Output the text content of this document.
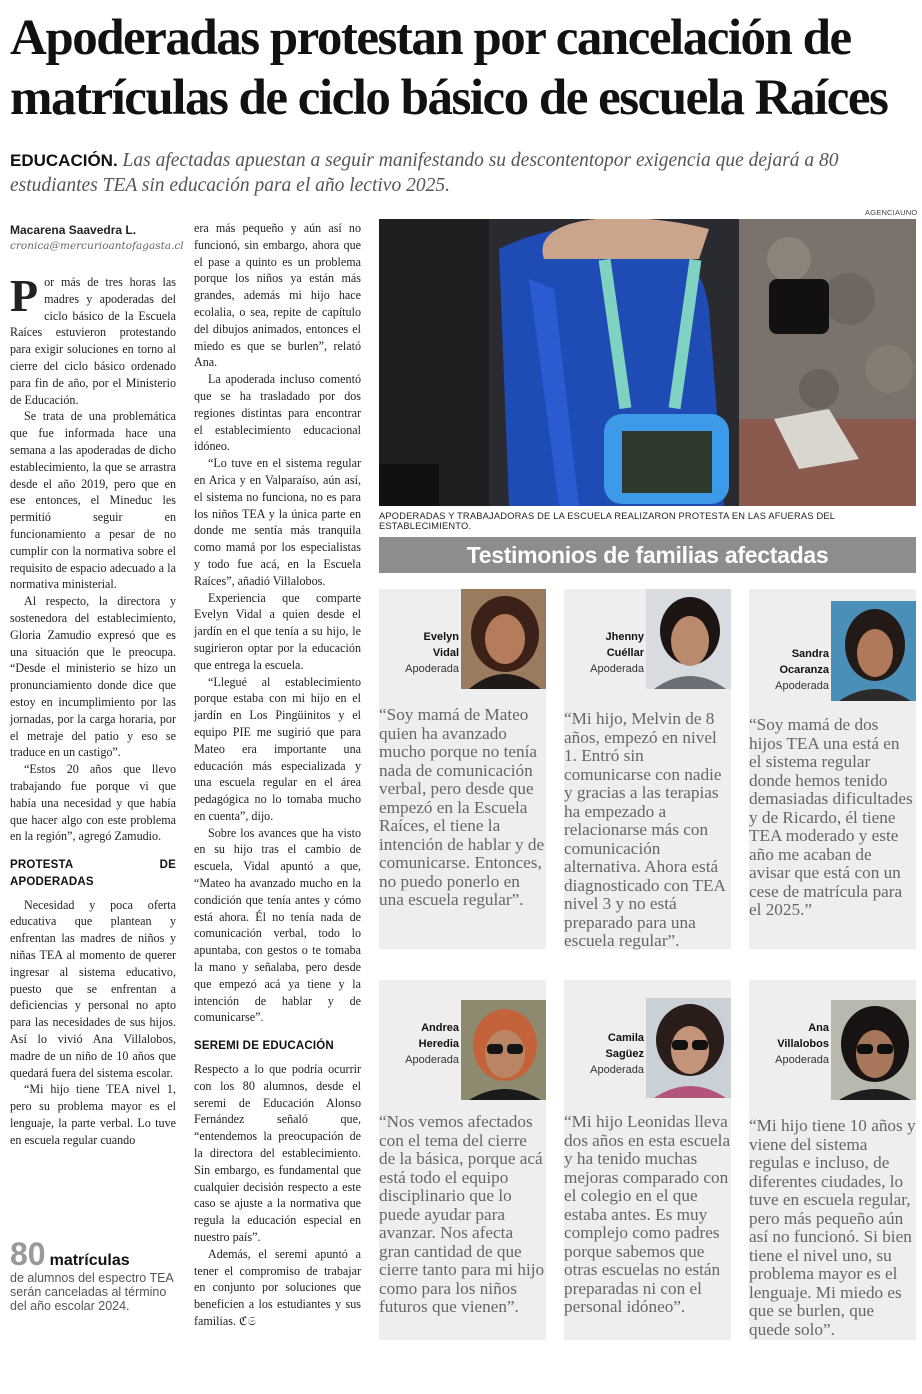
Apoderadas protestan por cancelación de matrículas de ciclo básico de escuela Raíces

EDUCACIÓN. Las afectadas apuestan a seguir manifestando su descontentopor exigencia que dejará a 80 estudiantes TEA sin educación para el año lectivo 2025.

Macarena Saavedra L.
cronica@mercurioantofagasta.cl

Por más de tres horas las madres y apoderadas del ciclo básico de la Escuela Raíces estuvieron protestando para exigir soluciones en torno al cierre del ciclo básico ordenado para fin de año, por el Ministerio de Educación.

Se trata de una problemática que fue informada hace una semana a las apoderadas de dicho establecimiento, la que se arrastra desde el año 2019, pero que en ese entonces, el Mineduc les permitió seguir en funcionamiento a pesar de no cumplir con la normativa sobre el requisito de espacio adecuado a la normativa ministerial.

Al respecto, la directora y sostenedora del establecimiento, Gloria Zamudio expresó que es una situación que le preocupa. “Desde el ministerio se hizo un pronunciamiento donde dice que estoy en incumplimiento por las jornadas, por la carga horaria, por el metraje del patio y eso se traduce en un castigo”.

“Estos 20 años que llevo trabajando fue porque vi que había una necesidad y que había que hacer algo con este problema en la región”, agregó Zamudio.

PROTESTA DE APODERADAS

Necesidad y poca oferta educativa que plantean y enfrentan las madres de niños y niñas TEA al momento de querer ingresar al sistema educativo, puesto que se enfrentan a deficiencias y personal no apto para las necesidades de sus hijos. Así lo vivió Ana Villalobos, madre de un niño de 10 años que quedará fuera del sistema escolar.

“Mi hijo tiene TEA nivel 1, pero su problema mayor es el lenguaje, la parte verbal. Lo tuve en escuela regular cuando

80 matrículas
de alumnos del espectro TEA serán canceladas al término del año escolar 2024.

era más pequeño y aún así no funcionó, sin embargo, ahora que el pase a quinto es un problema porque los niños ya están más grandes, además mi hijo hace ecolalia, o sea, repite de capítulo del dibujos animados, entonces el miedo es que se burlen”, relató Ana.

La apoderada incluso comentó que se ha trasladado por dos regiones distintas para encontrar el establecimiento educacional idóneo.

“Lo tuve en el sistema regular en Arica y en Valparaíso, aún así, el sistema no funciona, no es para los niños TEA y la única parte en donde me sentía más tranquila como mamá por los especialistas y todo fue acá, en la Escuela Raíces”, añadió Villalobos.

Experiencia que comparte Evelyn Vidal a quien desde el jardín en el que tenía a su hijo, le sugirieron optar por la educación que entrega la escuela.

“Llegué al establecimiento porque estaba con mi hijo en el jardín en Los Pingüinitos y el equipo PIE me sugirió que para Mateo era importante una educación más especializada y una escuela regular en el área pedagógica no lo tomaba mucho en cuenta”, dijo.

Sobre los avances que ha visto en su hijo tras el cambio de escuela, Vidal apuntó a que, “Mateo ha avanzado mucho en la condición que tenía antes y cómo está ahora. Él no tenía nada de comunicación verbal, todo lo apuntaba, con gestos o te tomaba la mano y señalaba, pero desde que empezó acá ya tiene y la intención de hablar y de comunicarse”.

SEREMI DE EDUCACIÓN

Respecto a lo que podría ocurrir con los 80 alumnos, desde el seremi de Educación Alonso Fernández señaló que, “entendemos la preocupación de la directora del establecimiento. Sin embargo, es fundamental que cualquier decisión respecto a este caso se ajuste a la normativa que regula la educación especial en nuestro país”.

Además, el seremi apuntó a tener el compromiso de trabajar en conjunto por soluciones que beneficien a los estudiantes y sus familias. ℭ𝔖

AGENCIAUNO
APODERADAS Y TRABAJADORAS DE LA ESCUELA REALIZARON PROTESTA EN LAS AFUERAS DEL ESTABLECIMIENTO.
Testimonios de familias afectadas
Evelyn
Vidal
Apoderada
“Soy mamá de Mateo quien ha avanzado mucho porque no tenía nada de comunicación verbal, pero desde que empezó en la Escuela Raíces, el tiene la intención de hablar y de comunicarse. Entonces, no puedo ponerlo en una escuela regular”.
Jhenny
Cuéllar
Apoderada
“Mi hijo, Melvin de 8 años, empezó en nivel 1. Entró sin comunicarse con nadie y gracias a las terapias ha empezado a relacionarse más con comunicación alternativa. Ahora está diagnosticado con TEA nivel 3 y no está preparado para una escuela regular”.
Sandra
Ocaranza
Apoderada
“Soy mamá de dos hijos TEA una está en el sistema regular donde hemos tenido demasiadas dificultades y de Ricardo, él tiene TEA moderado y este año me acaban de avisar que está con un cese de matrícula para el 2025.”
Andrea
Heredia
Apoderada
“Nos vemos afectados con el tema del cierre de la básica, porque acá está todo el equipo disciplinario que lo puede ayudar para avanzar. Nos afecta gran cantidad de que cierre tanto para mi hijo como para los niños futuros que vienen”.
Camila
Sagüez
Apoderada
“Mi hijo Leonidas lleva dos años en esta escuela y ha tenido muchas mejoras comparado con el colegio en el que estaba antes. Es muy complejo como padres porque sabemos que otras escuelas no están preparadas ni con el personal idóneo”.
Ana
Villalobos
Apoderada
“Mi hijo tiene 10 años y viene del sistema regulas e incluso, de diferentes ciudades, lo tuve en escuela regular, pero más pequeño aún así no funcionó. Si bien tiene el nivel uno, su problema mayor es el lenguaje. Mi miedo es que se burlen, que quede solo”.
